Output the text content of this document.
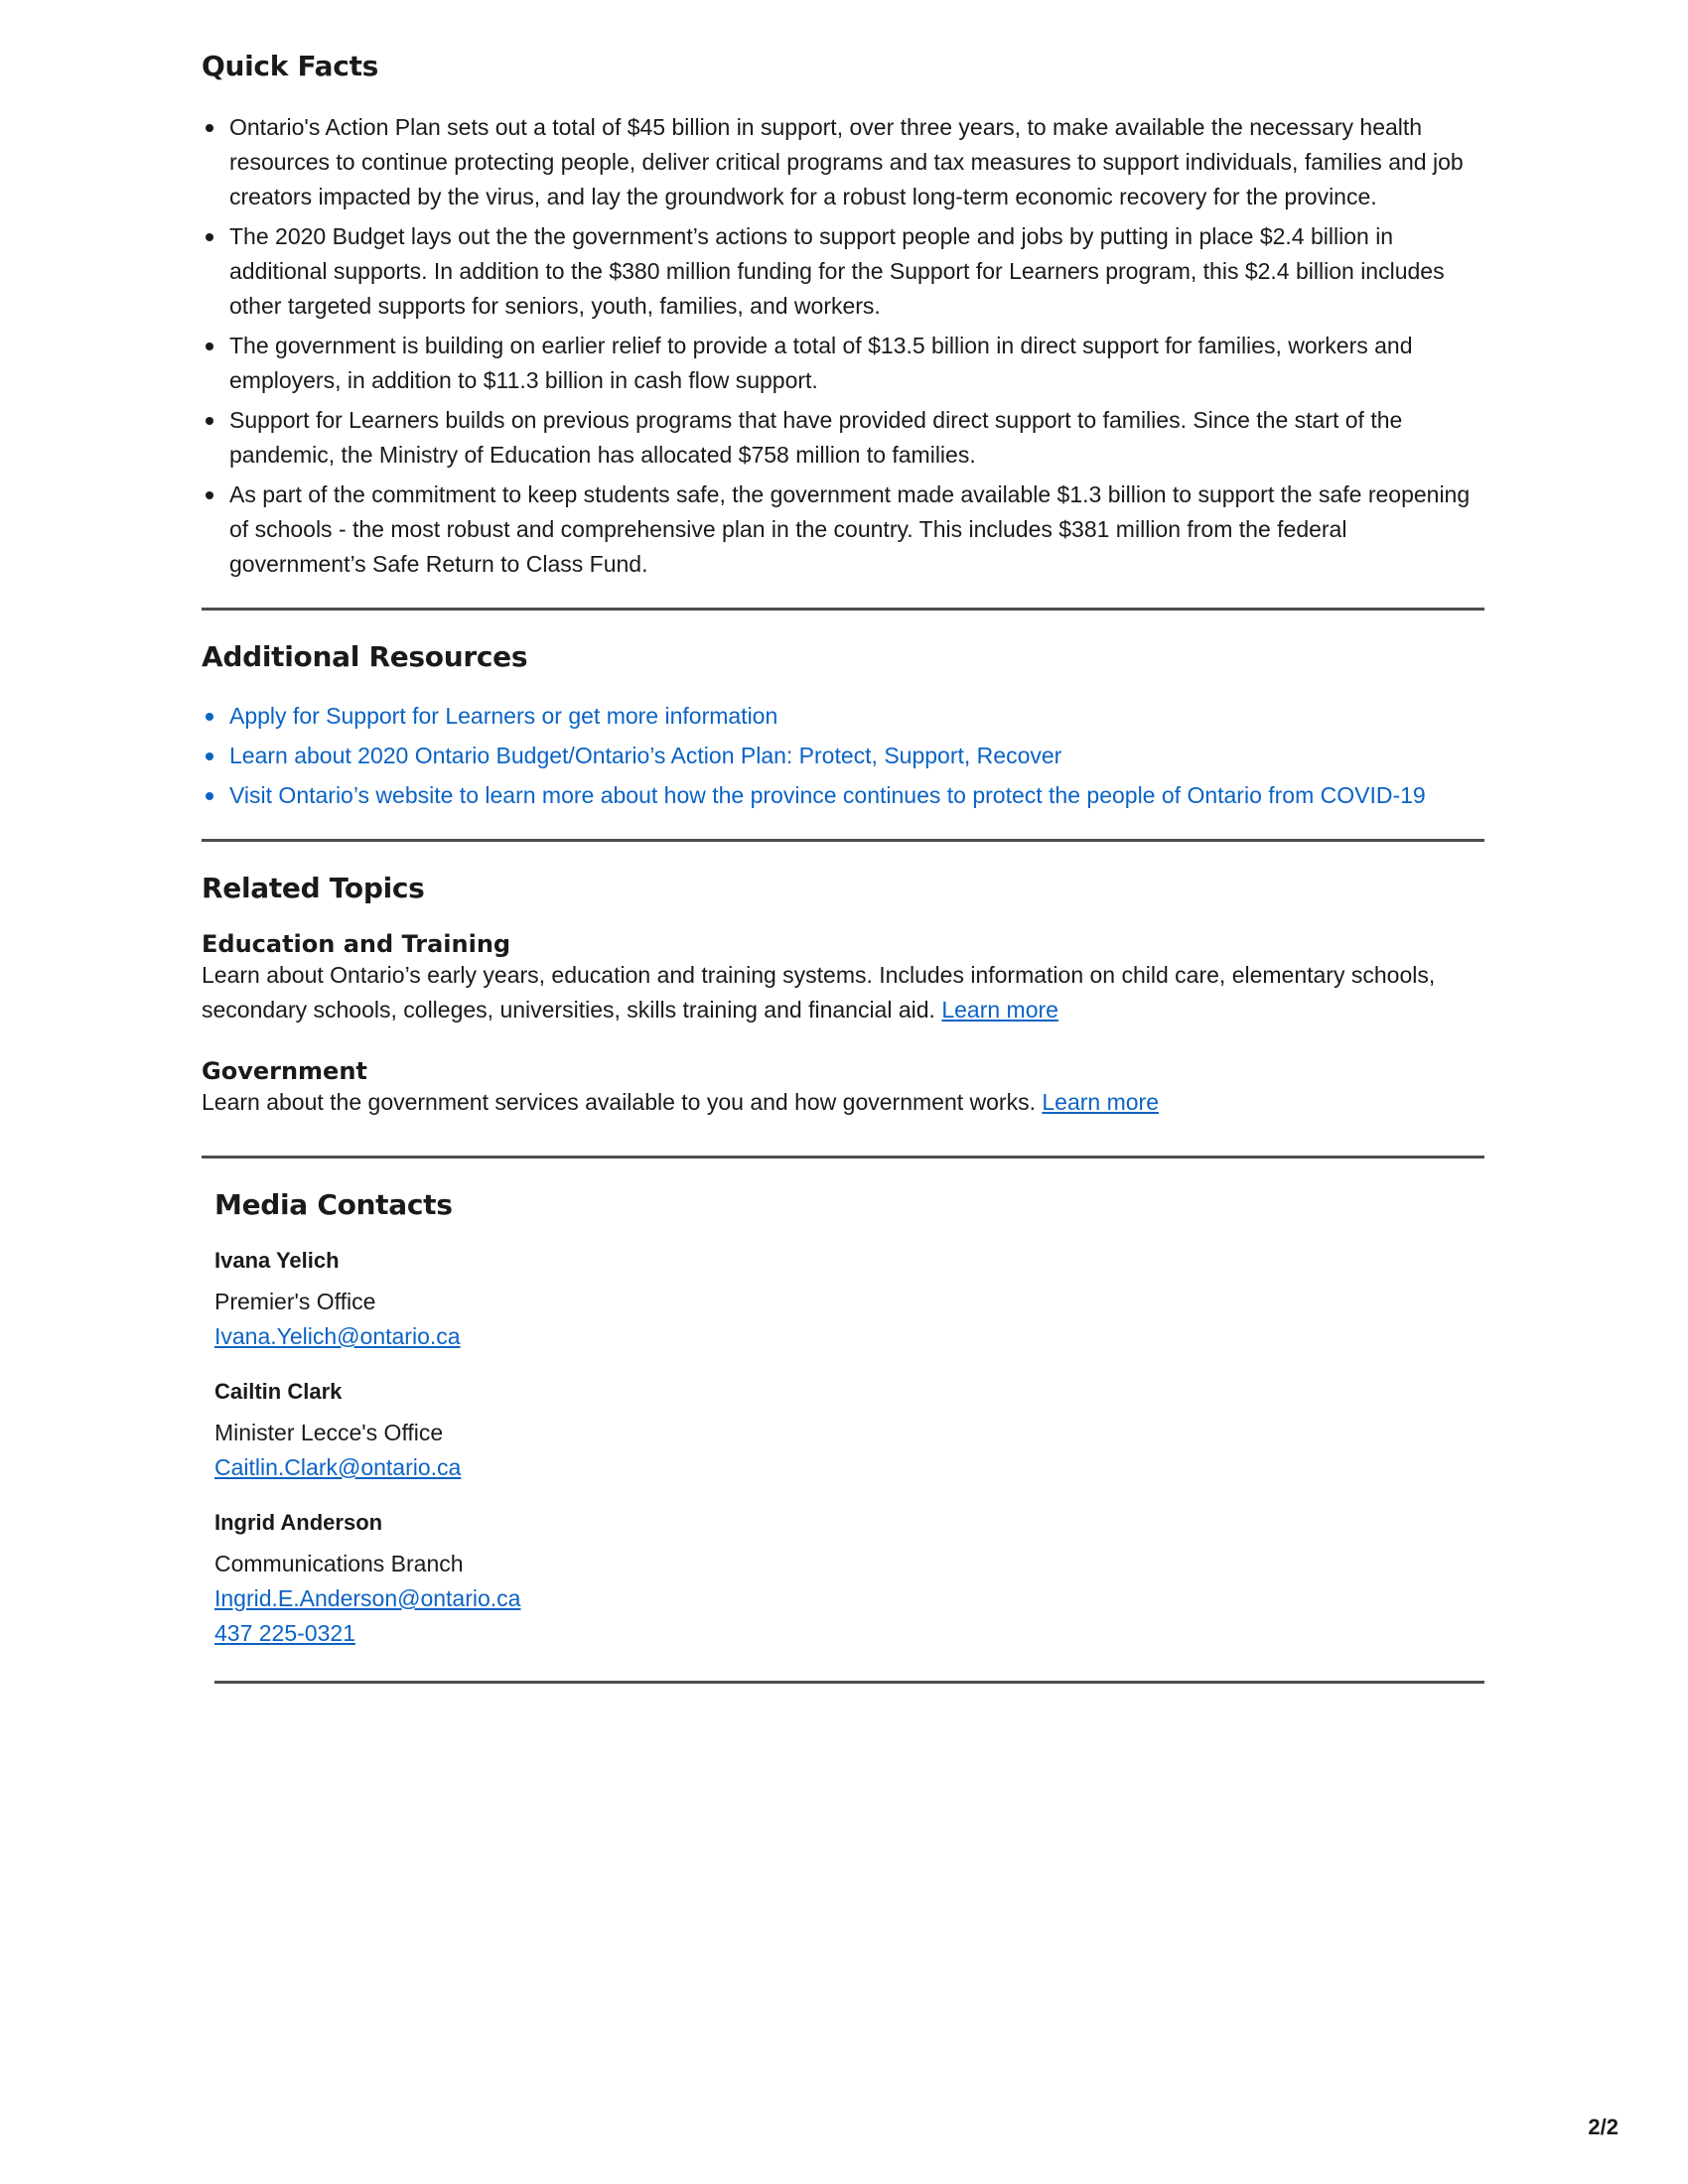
Quick Facts
Ontario's Action Plan sets out a total of $45 billion in support, over three years, to make available the necessary health resources to continue protecting people, deliver critical programs and tax measures to support individuals, families and job creators impacted by the virus, and lay the groundwork for a robust long-term economic recovery for the province.
The 2020 Budget lays out the the government’s actions to support people and jobs by putting in place $2.4 billion in additional supports. In addition to the $380 million funding for the Support for Learners program, this $2.4 billion includes other targeted supports for seniors, youth, families, and workers.
The government is building on earlier relief to provide a total of $13.5 billion in direct support for families, workers and employers, in addition to $11.3 billion in cash flow support.
Support for Learners builds on previous programs that have provided direct support to families. Since the start of the pandemic, the Ministry of Education has allocated $758 million to families.
As part of the commitment to keep students safe, the government made available $1.3 billion to support the safe reopening of schools - the most robust and comprehensive plan in the country. This includes $381 million from the federal government’s Safe Return to Class Fund.
Additional Resources
Apply for Support for Learners or get more information
Learn about 2020 Ontario Budget/Ontario’s Action Plan: Protect, Support, Recover
Visit Ontario’s website to learn more about how the province continues to protect the people of Ontario from COVID-19
Related Topics
Education and Training

Learn about Ontario’s early years, education and training systems. Includes information on child care, elementary schools, secondary schools, colleges, universities, skills training and financial aid. Learn more

Government

Learn about the government services available to you and how government works. Learn more

Media Contacts

Ivana Yelich

Premier's Office

Ivana.Yelich@ontario.ca

Cailtin Clark

Minister Lecce's Office

Caitlin.Clark@ontario.ca

Ingrid Anderson

Communications Branch

Ingrid.E.Anderson@ontario.ca

437 225-0321

2/2
